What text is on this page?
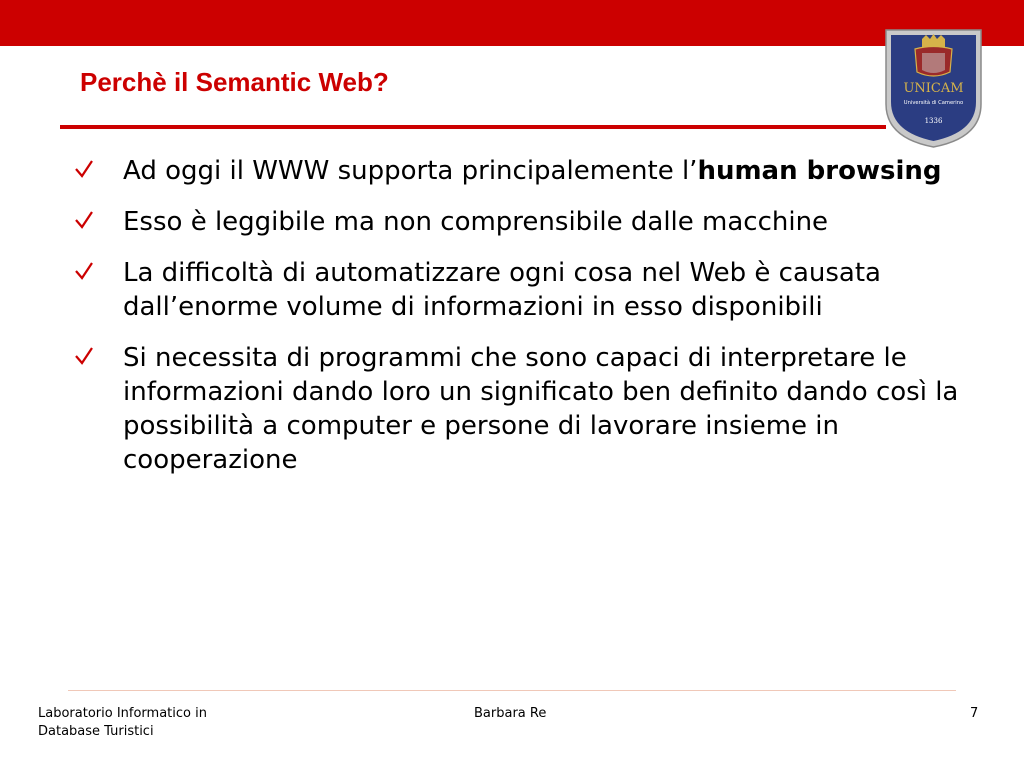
Perchè il Semantic Web?	UNICAM
Università di Camerino
1336
Ad oggi il WWW supporta principalemente l’human browsing
Esso è leggibile ma non comprensibile dalle macchine
La difficoltà di automatizzare ogni cosa nel Web è causata dall’enorme volume di informazioni in esso disponibili
Si necessita di programmi che sono capaci di interpretare le informazioni dando loro un significato ben definito dando così la possibilità a computer e persone di lavorare insieme in cooperazione
Laboratorio Informatico in Database Turistici
Barbara Re	7
